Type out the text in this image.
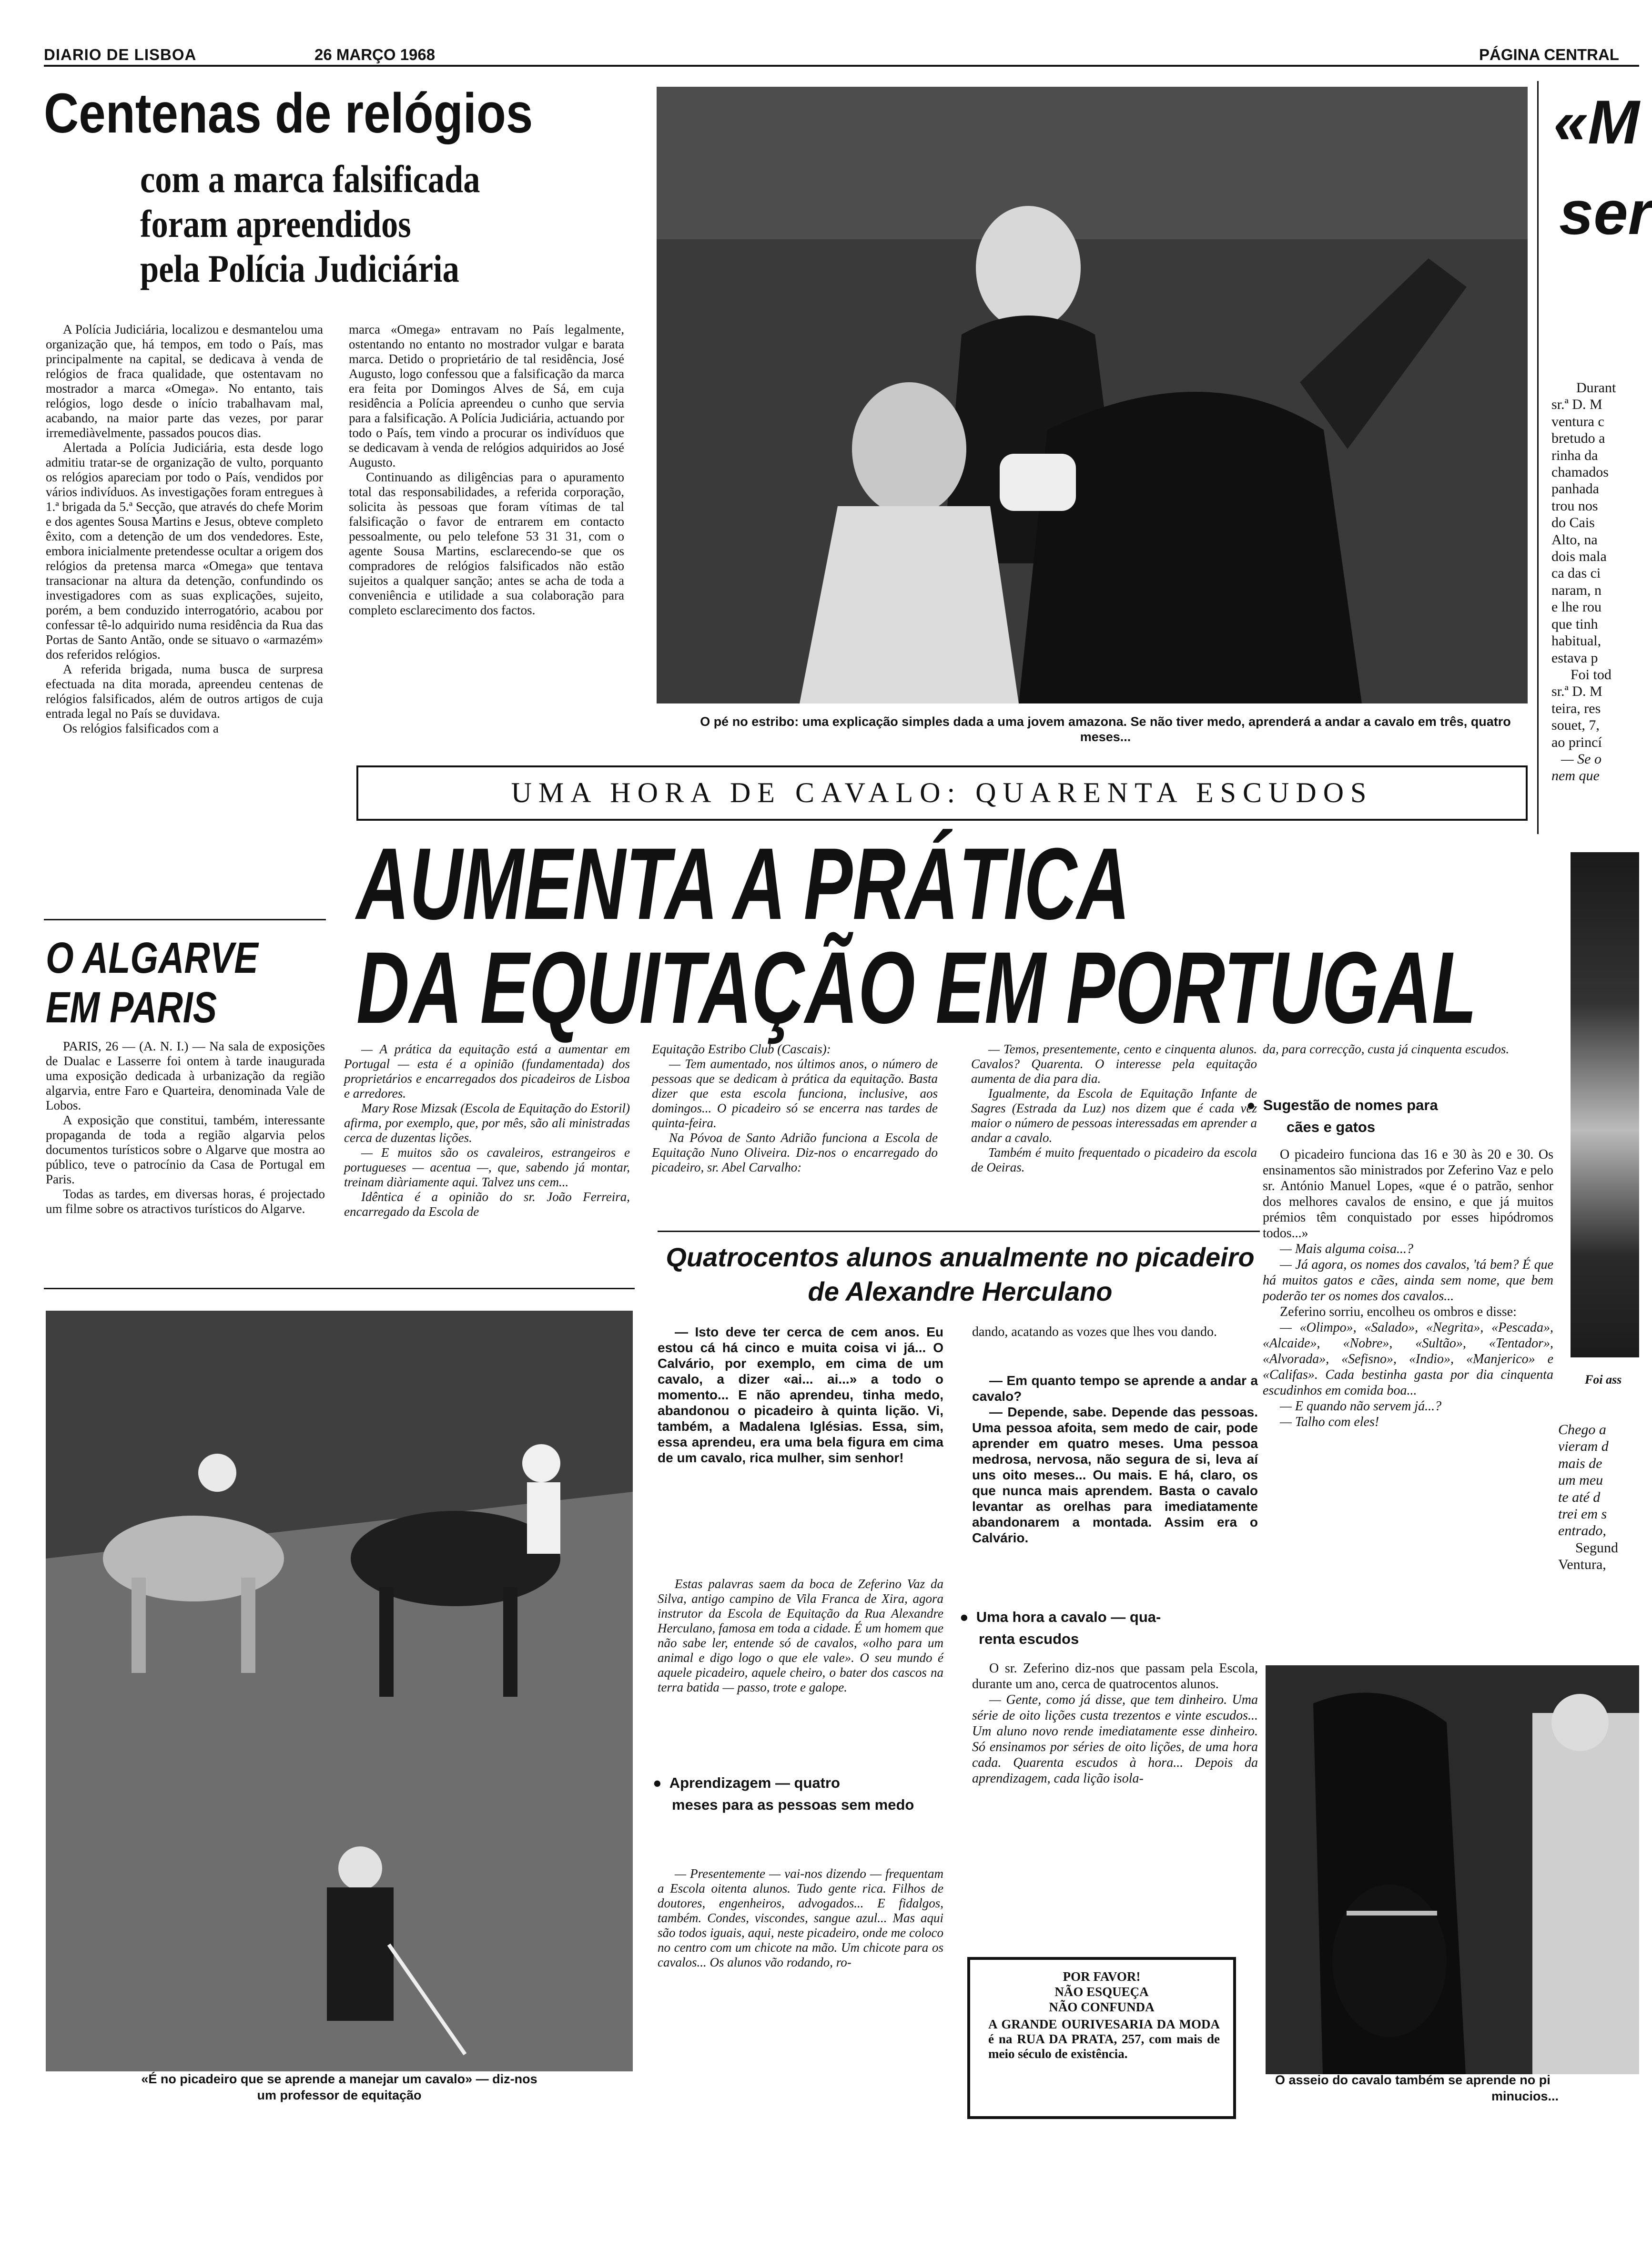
DIARIO DE LISBOA	26 MARÇO 1968	PÁGINA CENTRAL
Centenas de relógios
com a marca falsificada
foram apreendidos
pela Polícia Judiciária

A Polícia Judiciária, localizou e desmantelou uma organização que, há tempos, em todo o País, mas principalmente na capital, se dedicava à venda de relógios de fraca qualidade, que ostentavam no mostrador a marca «Omega». No entanto, tais relógios, logo desde o início trabalhavam mal, acabando, na maior parte das vezes, por parar irremediàvelmente, passados poucos dias.

Alertada a Polícia Judiciária, esta desde logo admitiu tratar-se de organização de vulto, porquanto os relógios apareciam por todo o País, vendidos por vários indivíduos. As investigações foram entregues à 1.ª brigada da 5.ª Secção, que através do chefe Morim e dos agentes Sousa Martins e Jesus, obteve completo êxito, com a detenção de um dos vendedores. Este, embora inicialmente pretendesse ocultar a origem dos relógios da pretensa marca «Omega» que tentava transacionar na altura da detenção, confundindo os investigadores com as suas explicações, sujeito, porém, a bem conduzido interrogatório, acabou por confessar tê-lo adquirido numa residência da Rua das Portas de Santo Antão, onde se situavo o «armazém» dos referidos relógios.

A referida brigada, numa busca de surpresa efectuada na dita morada, apreendeu centenas de relógios falsificados, além de outros artigos de cuja entrada legal no País se duvidava.

Os relógios falsificados com a

marca «Omega» entravam no País legalmente, ostentando no entanto no mostrador vulgar e barata marca. Detido o proprietário de tal residência, José Augusto, logo confessou que a falsificação da marca era feita por Domingos Alves de Sá, em cuja residência a Polícia apreendeu o cunho que servia para a falsificação. A Polícia Judiciária, actuando por todo o País, tem vindo a procurar os indivíduos que se dedicavam à venda de relógios adquiridos ao José Augusto.

Continuando as diligências para o apuramento total das responsabilidades, a referida corporação, solicita às pessoas que foram vítimas de tal falsificação o favor de entrarem em contacto pessoalmente, ou pelo telefone 53 31 31, com o agente Sousa Martins, esclarecendo-se que os compradores de relógios falsificados não estão sujeitos a qualquer sanção; antes se acha de toda a conveniência e utilidade a sua colaboração para completo esclarecimento dos factos.

O ALGARVE
EM PARIS

PARIS, 26 — (A. N. I.) — Na sala de exposições de Dualac e Lasserre foi ontem à tarde inaugurada uma exposição dedicada à urbanização da região algarvia, entre Faro e Quarteira, denominada Vale de Lobos.

A exposição que constitui, também, interessante propaganda de toda a região algarvia pelos documentos turísticos sobre o Algarve que mostra ao público, teve o patrocínio da Casa de Portugal em Paris.

Todas as tardes, em diversas horas, é projectado um filme sobre os atractivos turísticos do Algarve.

O pé no estribo: uma explicação simples dada a uma jovem amazona. Se não tiver medo, aprenderá a andar a cavalo em três, quatro meses...
UMA HORA DE CAVALO: QUARENTA ESCUDOS
AUMENTA A PRÁTICA
DA EQUITAÇÃO EM PORTUGAL

— A prática da equitação está a aumentar em Portugal — esta é a opinião (fundamentada) dos proprietários e encarregados dos picadeiros de Lisboa e arredores.

Mary Rose Mizsak (Escola de Equitação do Estoril) afirma, por exemplo, que, por mês, são ali ministradas cerca de duzentas lições.

— E muitos são os cavaleiros, estrangeiros e portugueses — acentua —, que, sabendo já montar, treinam diàriamente aqui. Talvez uns cem...

Idêntica é a opinião do sr. João Ferreira, encarregado da Escola de

Equitação Estribo Club (Cascais):

— Tem aumentado, nos últimos anos, o número de pessoas que se dedicam à prática da equitação. Basta dizer que esta escola funciona, inclusive, aos domingos... O picadeiro só se encerra nas tardes de quinta-feira.

Na Póvoa de Santo Adrião funciona a Escola de Equitação Nuno Oliveira. Diz-nos o encarregado do picadeiro, sr. Abel Carvalho:

— Temos, presentemente, cento e cinquenta alunos. Cavalos? Quarenta. O interesse pela equitação aumenta de dia para dia.

Igualmente, da Escola de Equitação Infante de Sagres (Estrada da Luz) nos dizem que é cada vez maior o número de pessoas interessadas em aprender a andar a cavalo.

Também é muito frequentado o picadeiro da escola de Oeiras.

Quatrocentos alunos anualmente no picadeiro
de Alexandre Herculano

— Isto deve ter cerca de cem anos. Eu estou cá há cinco e muita coisa vi já... O Calvário, por exemplo, em cima de um cavalo, a dizer «ai... ai...» a todo o momento... E não aprendeu, tinha medo, abandonou o picadeiro à quinta lição. Vi, também, a Madalena Iglésias. Essa, sim, essa aprendeu, era uma bela figura em cima de um cavalo, rica mulher, sim senhor!

Estas palavras saem da boca de Zeferino Vaz da Silva, antigo campino de Vila Franca de Xira, agora instrutor da Escola de Equitação da Rua Alexandre Herculano, famosa em toda a cidade. É um homem que não sabe ler, entende só de cavalos, «olho para um animal e digo logo o que ele vale». O seu mundo é aquele picadeiro, aquele cheiro, o bater dos cascos na terra batida — passo, trote e galope.

● Aprendizagem — quatro
meses para as pessoas sem medo

— Presentemente — vai-nos dizendo — frequentam a Escola oitenta alunos. Tudo gente rica. Filhos de doutores, engenheiros, advogados... E fidalgos, também. Condes, viscondes, sangue azul... Mas aqui são todos iguais, aqui, neste picadeiro, onde me coloco no centro com um chicote na mão. Um chicote para os cavalos... Os alunos vão rodando, ro-

dando, acatando as vozes que lhes vou dando.

— Em quanto tempo se aprende a andar a cavalo?

— Depende, sabe. Depende das pessoas. Uma pessoa afoita, sem medo de cair, pode aprender em quatro meses. Uma pessoa medrosa, nervosa, não segura de si, leva aí uns oito meses... Ou mais. E há, claro, os que nunca mais aprendem. Basta o cavalo levantar as orelhas para imediatamente abandonarem a montada. Assim era o Calvário.

● Uma hora a cavalo — qua-
renta escudos

O sr. Zeferino diz-nos que passam pela Escola, durante um ano, cerca de quatrocentos alunos.

— Gente, como já disse, que tem dinheiro. Uma série de oito lições custa trezentos e vinte escudos... Um aluno novo rende imediatamente esse dinheiro. Só ensinamos por séries de oito lições, de uma hora cada. Quarenta escudos à hora... Depois da aprendizagem, cada lição isola-

POR FAVOR!
NÃO ESQUEÇA
NÃO CONFUNDA
A GRANDE OURIVESARIA DA MODA é na RUA DA PRATA, 257, com mais de meio século de existência.

da, para correcção, custa já cinquenta escudos.

● Sugestão de nomes para
cães e gatos

O picadeiro funciona das 16 e 30 às 20 e 30. Os ensinamentos são ministrados por Zeferino Vaz e pelo sr. António Manuel Lopes, «que é o patrão, senhor dos melhores cavalos de ensino, e que já muitos prémios têm conquistado por esses hipódromos todos...»

— Mais alguma coisa...?

— Já agora, os nomes dos cavalos, 'tá bem? É que há muitos gatos e cães, ainda sem nome, que bem poderão ter os nomes dos cavalos...

Zeferino sorriu, encolheu os ombros e disse:

— «Olimpo», «Salado», «Negrita», «Pescada», «Alcaide», «Nobre», «Sultão», «Tentador», «Alvorada», «Sefisno», «Indio», «Manjerico» e «Califas». Cada bestinha gasta por dia cinquenta escudinhos em comida boa...

— E quando não servem já...?

— Talho com eles!

«É no picadeiro que se aprende a manejar um cavalo» — diz-nos
um professor de equitação
O asseio do cavalo também se aprende no pi
minucios...
«M
ser
Durant
sr.ª D. M
ventura c
bretudo a
rinha da
chamados
panhada
trou nos
do Cais
Alto, na
dois mala
ca das ci
naram, n
e lhe rou
que tinh
habitual,
estava p
Foi tod
sr.ª D. M
teira, res
souet, 7,
ao princí
— Se o
nem que
Foi ass
Chego a
vieram d
mais de
um meu
te até d
trei em s
entrado,
Segund
Ventura,
